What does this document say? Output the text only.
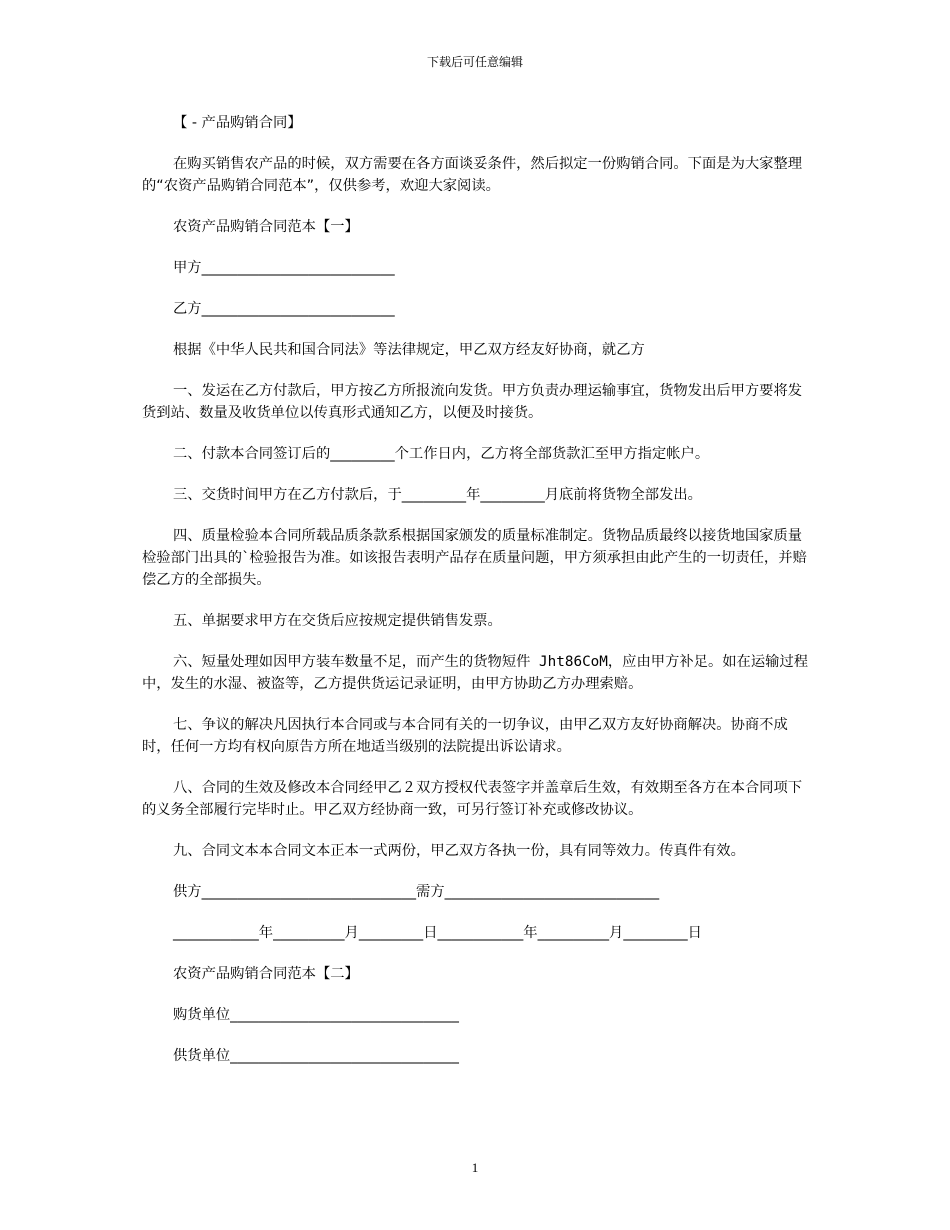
下载后可任意编辑

【 - 产品购销合同】

在购买销售农产品的时候，双方需要在各方面谈妥条件，然后拟定一份购销合同。下面是为大家整理的“农资产品购销合同范本”，仅供参考，欢迎大家阅读。

农资产品购销合同范本【一】

甲方___________________________

乙方___________________________

根据《中华人民共和国合同法》等法律规定，甲乙双方经友好协商，就乙方

一、发运在乙方付款后，甲方按乙方所报流向发货。甲方负责办理运输事宜，货物发出后甲方要将发货到站、数量及收货单位以传真形式通知乙方，以便及时接货。

二、付款本合同签订后的_________个工作日内，乙方将全部货款汇至甲方指定帐户。

三、交货时间甲方在乙方付款后，于_________年_________月底前将货物全部发出。

四、质量检验本合同所载品质条款系根据国家颁发的质量标准制定。货物品质最终以接货地国家质量检验部门出具的`检验报告为准。如该报告表明产品存在质量问题，甲方须承担由此产生的一切责任，并赔偿乙方的全部损失。

五、单据要求甲方在交货后应按规定提供销售发票。

六、短量处理如因甲方装车数量不足，而产生的货物短件 Jht86CoM，应由甲方补足。如在运输过程中，发生的水湿、被盗等，乙方提供货运记录证明，由甲方协助乙方办理索赔。

七、争议的解决凡因执行本合同或与本合同有关的一切争议，由甲乙双方友好协商解决。协商不成时，任何一方均有权向原告方所在地适当级别的法院提出诉讼请求。

八、合同的生效及修改本合同经甲乙２双方授权代表签字并盖章后生效，有效期至各方在本合同项下的义务全部履行完毕时止。甲乙双方经协商一致，可另行签订补充或修改协议。

九、合同文本本合同文本正本一式两份，甲乙双方各执一份，具有同等效力。传真件有效。

供方______________________________需方______________________________

____________年__________月_________日____________年__________月_________日

农资产品购销合同范本【二】

购货单位________________________________

供货单位________________________________

1
